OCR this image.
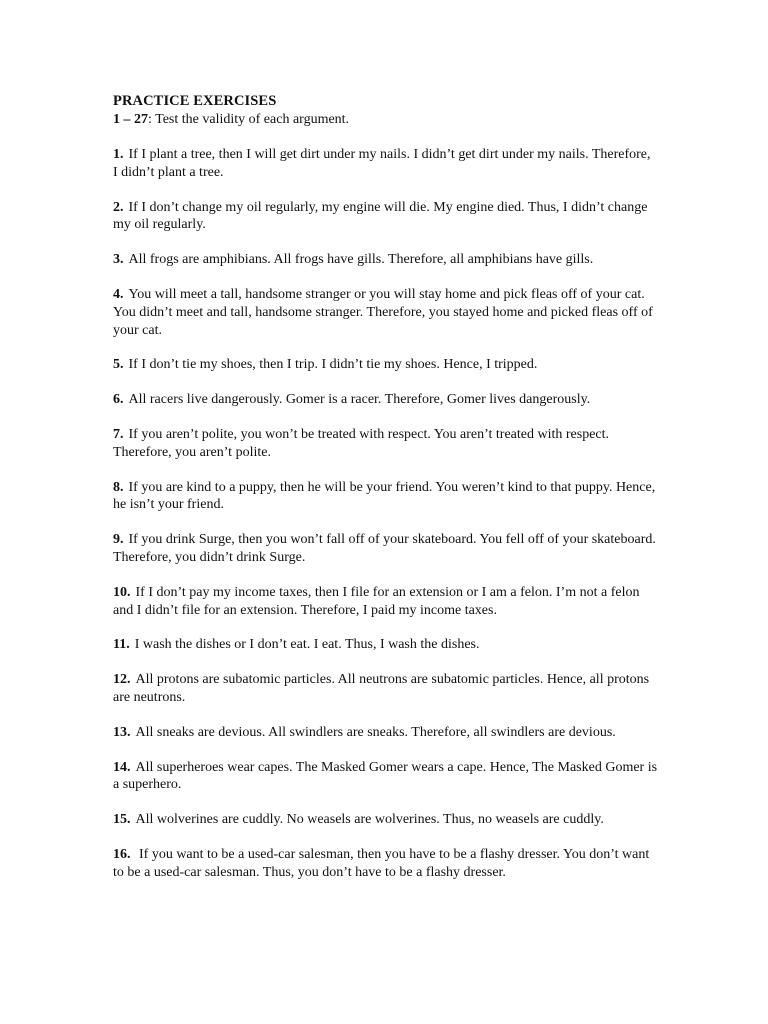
PRACTICE EXERCISES

1 – 27: Test the validity of each argument.

1. If I plant a tree, then I will get dirt under my nails. I didn’t get dirt under my nails. Therefore, I didn’t plant a tree.

2. If I don’t change my oil regularly, my engine will die. My engine died. Thus, I didn’t change my oil regularly.

3. All frogs are amphibians. All frogs have gills. Therefore, all amphibians have gills.

4. You will meet a tall, handsome stranger or you will stay home and pick fleas off of your cat. You didn’t meet and tall, handsome stranger. Therefore, you stayed home and picked fleas off of your cat.

5. If I don’t tie my shoes, then I trip. I didn’t tie my shoes. Hence, I tripped.

6. All racers live dangerously. Gomer is a racer. Therefore, Gomer lives dangerously.

7. If you aren’t polite, you won’t be treated with respect. You aren’t treated with respect. Therefore, you aren’t polite.

8. If you are kind to a puppy, then he will be your friend. You weren’t kind to that puppy. Hence, he isn’t your friend.

9. If you drink Surge, then you won’t fall off of your skateboard. You fell off of your skateboard. Therefore, you didn’t drink Surge.

10. If I don’t pay my income taxes, then I file for an extension or I am a felon. I’m not a felon and I didn’t file for an extension. Therefore, I paid my income taxes.

11. I wash the dishes or I don’t eat. I eat. Thus, I wash the dishes.

12. All protons are subatomic particles. All neutrons are subatomic particles. Hence, all protons are neutrons.

13. All sneaks are devious. All swindlers are sneaks. Therefore, all swindlers are devious.

14. All superheroes wear capes. The Masked Gomer wears a cape. Hence, The Masked Gomer is a superhero.

15. All wolverines are cuddly. No weasels are wolverines. Thus, no weasels are cuddly.

16. If you want to be a used-car salesman, then you have to be a flashy dresser. You don’t want to be a used-car salesman. Thus, you don’t have to be a flashy dresser.
